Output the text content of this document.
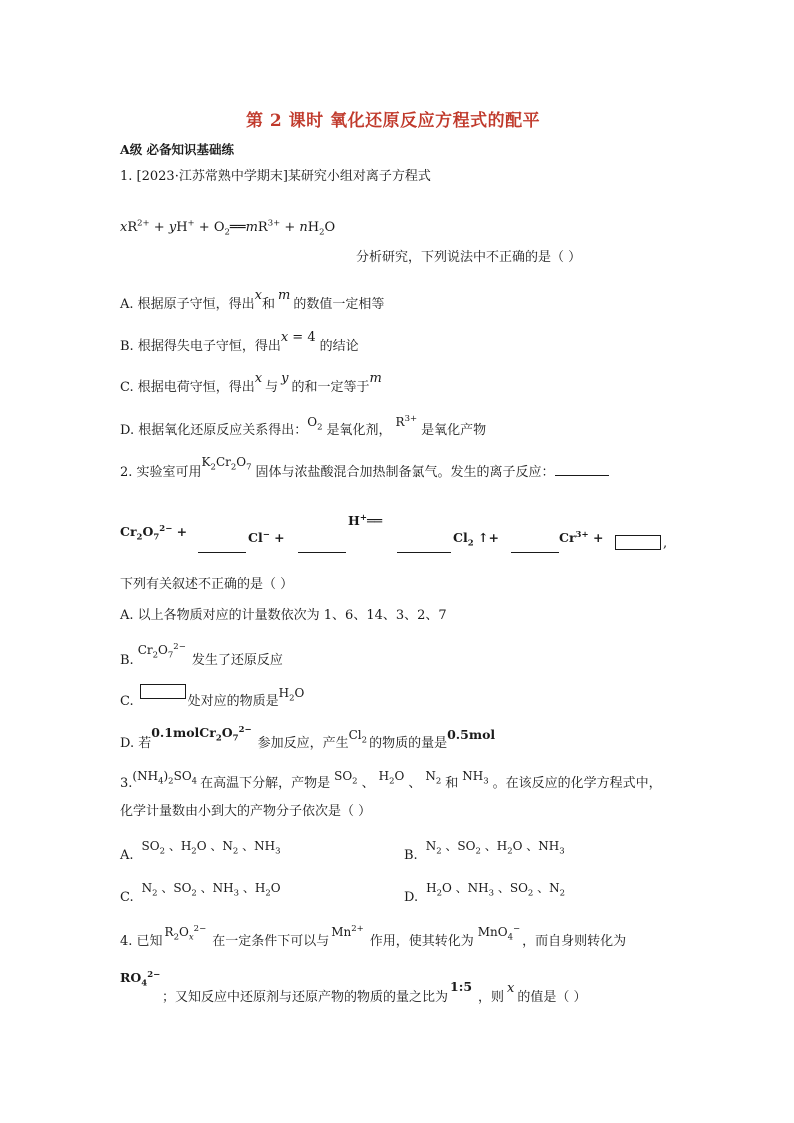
第 2 课时 氧化还原反应方程式的配平
A级 必备知识基础练
1. [2023·江苏常熟中学期末]某研究小组对离子方程式
$xR^{2+} + yH^+$ + $O_2══mR^{3+} + nH_2O$
分析研究，下列说法中不正确的是（ ）
A. 根据原子守恒，得出x和m的数值一定相等
B. 根据得失电子守恒，得出x = 4的结论
C. 根据电荷守恒，得出x与y的和一定等于m
D. 根据氧化还原反应关系得出：$O_2$ 是氧化剂，$R^{3+}$是氧化产物
2. 实验室可用$K_2Cr_2O_7$ 固体与浓盐酸混合加热制备氯气。发生的离子反应：
$Cr_2O_7^{2-}$ +	Cl− +
H+══
$Cl_2$ ↑+	$Cr^{3+}$ +	,
下列有关叙述不正确的是（ ）
A. 以上各物质对应的计量数依次为 1、6、14、3、2、7
$B.Cr_2O_7^{2-}$发生了还原反应
C.	处对应的物质是$H_2O$
D. 若$0.1molCr_2O_7^{2-}$参加反应，产生$Cl_2$ 的物质的量是0.5mol
$3.(NH_4)_2SO_4$ 在高温下分解，产物是 $SO_2$ 、 $H_2O$ 、 $N_2$ 和 $NH_3$ 。在该反应的化学方程式中，
化学计量数由小到大的产物分子依次是（ ）
$A.SO_2$ 、$H_2O$ 、$N_2$ 、$NH_3$	$B.N_2$ 、$SO_2$ 、$H_2O$ 、$NH_3$
$C.N_2$ 、$SO_2$ 、$NH_3$ 、$H_2O$
$D.H_2O$ 、$NH_3$ 、$SO_2$ 、$N_2$
4. 已知$R_2O_x^{2-}$在一定条件下可以与$Mn^{2+}$作用，使其转化为MnO$_4$−，而自身则转化为
$RO_4^{2-}$
；又知反应中还原剂与还原产物的物质的量之比为1:5，则x的值是（ ）
